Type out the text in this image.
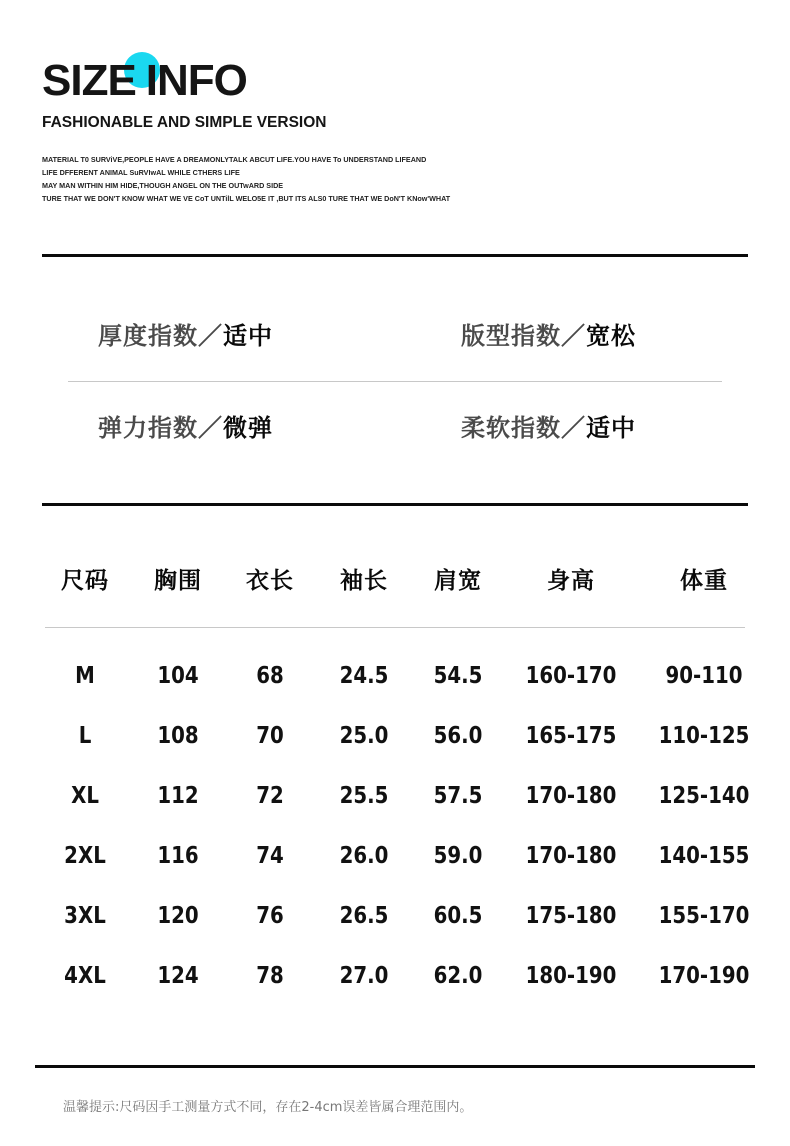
SIZE INFO
FASHIONABLE AND SIMPLE VERSION
MATERIAL T0 SURViVE,PEOPLE HAVE A DREAMONLYTALK ABCUT LIFE.YOU HAVE To UNDERSTAND LIFEAND
LIFE DFFERENT ANIMAL SuRVIwAL WHILE CTHERS LIFE
MAY MAN WITHIN HIM HIDE,THOUGH ANGEL ON THE OUTwARD SIDE
TURE THAT WE DON'T KNOW WHAT WE VE CoT UNTilL WELO5E IT ,BUT ITS ALS0 TURE THAT WE DoN'T KNow'WHAT
厚度指数／适中	版型指数／宽松
弹力指数／微弹	柔软指数／适中
尺码	胸围	衣长	袖长	肩宽	身高	体重
M	104	68	24.5	54.5	160-170	90-110
L	108	70	25.0	56.0	165-175 110-125
XL	112	72	25.5	57.5	170-180 125-140
2XL	116	74	26.0	59.0	170-180 140-155
3XL	120	76	26.5	60.5	175-180 155-170
4XL	124	78	27.0	62.0	180-190 170-190
温馨提示:尺码因手工测量方式不同，存在2-4cm误差皆属合理范围内。
